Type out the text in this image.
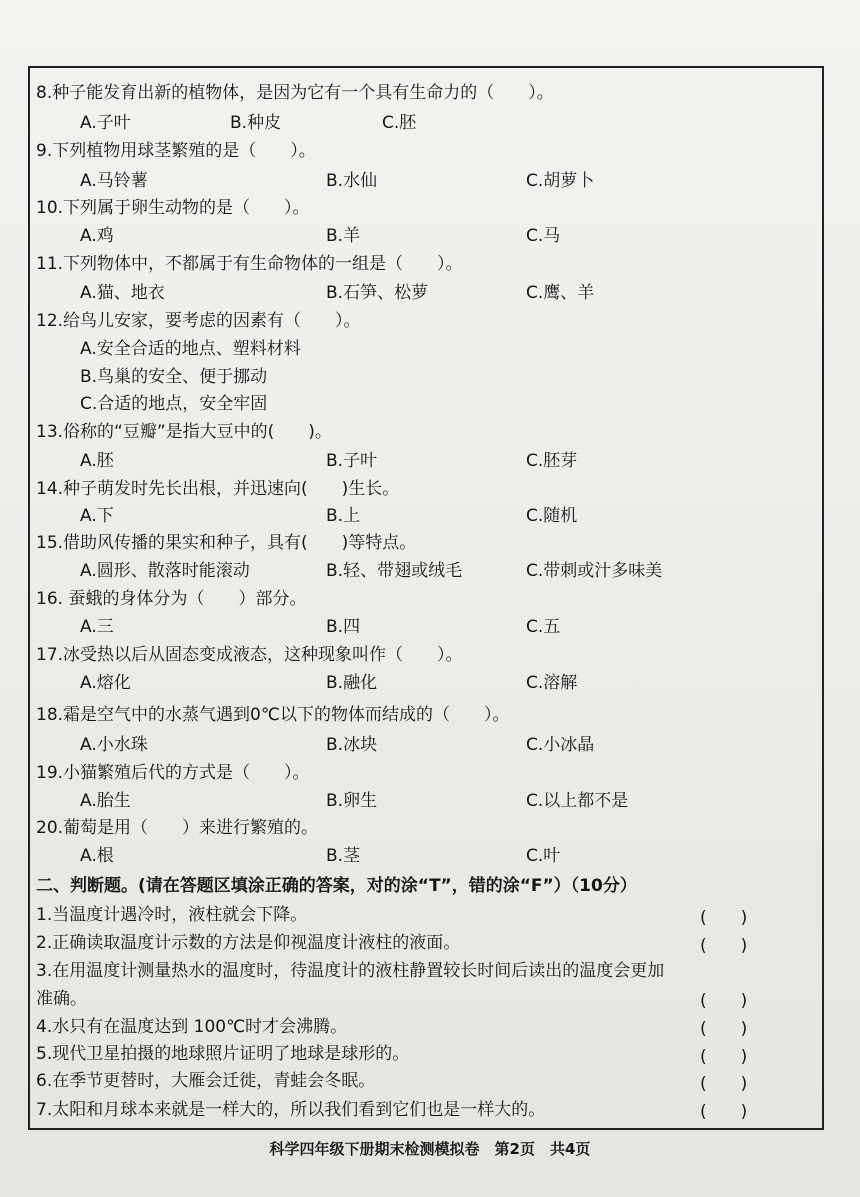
8.种子能发育出新的植物体，是因为它有一个具有生命力的（　　）。
A.子叶	B.种皮	C.胚
9.下列植物用球茎繁殖的是（　　）。
A.马铃薯	B.水仙	C.胡萝卜
10.下列属于卵生动物的是（　　）。
A.鸡	B.羊	C.马
11.下列物体中，不都属于有生命物体的一组是（　　）。
A.猫、地衣	B.石笋、松萝	C.鹰、羊
12.给鸟儿安家，要考虑的因素有（　　）。
A.安全合适的地点、塑料材料
B.鸟巢的安全、便于挪动
C.合适的地点，安全牢固
13.俗称的“豆瓣”是指大豆中的(　　)。
A.胚	B.子叶	C.胚芽
14.种子萌发时先长出根，并迅速向(　　)生长。
A.下	B.上	C.随机
15.借助风传播的果实和种子，具有(　　)等特点。
A.圆形、散落时能滚动	B.轻、带翅或绒毛	C.带刺或汁多味美
16. 蚕蛾的身体分为（　　）部分。
A.三	B.四	C.五
17.冰受热以后从固态变成液态，这种现象叫作（　　）。
A.熔化	B.融化	C.溶解
18.霜是空气中的水蒸气遇到0℃以下的物体而结成的（　　）。
A.小水珠	B.冰块	C.小冰晶
19.小猫繁殖后代的方式是（　　）。
A.胎生	B.卵生	C.以上都不是
20.葡萄是用（　　）来进行繁殖的。
A.根	B.茎	C.叶
二、判断题。(请在答题区填涂正确的答案，对的涂“T”，错的涂“F”）（10分）
1.当温度计遇冷时，液柱就会下降。	(　　)
2.正确读取温度计示数的方法是仰视温度计液柱的液面。	(　　)
3.在用温度计测量热水的温度时，待温度计的液柱静置较长时间后读出的温度会更加
准确。	(　　)
4.水只有在温度达到 100℃时才会沸腾。	(　　)
5.现代卫星拍摄的地球照片证明了地球是球形的。	(　　)
6.在季节更替时，大雁会迁徙，青蛙会冬眠。	(　　)
7.太阳和月球本来就是一样大的，所以我们看到它们也是一样大的。	(　　)
科学四年级下册期末检测模拟卷　第2页　共4页
